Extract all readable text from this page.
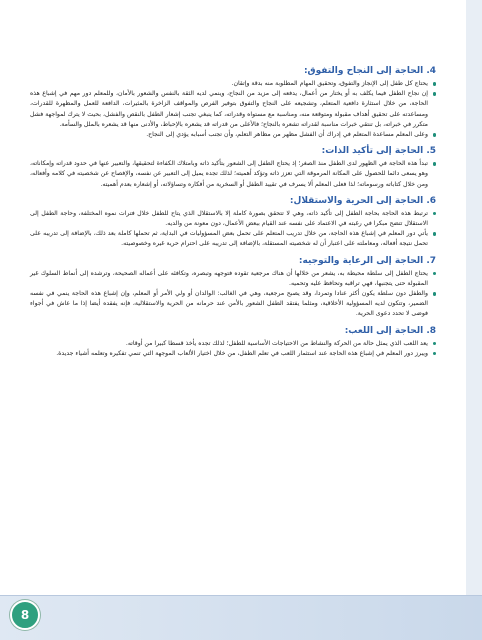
4. الحاجة إلى النجاح والتفوق:

يحتاج كل طفل إلى الإنجاز والتفوق، وتحقيق المهام المطلوبة منه بدقة وإتقان.

إن نجاح الطفل فيما يكلف به أو يختار من أعمال، يدفعه إلى مزيد من النجاح، وينمي لديه الثقة بالنفس والشعور بالأمان، وللمعلم دور مهم في إشباع هذه الحاجة، من خلال استثارة دافعية المتعلم، وتشجيعه على النجاح والتفوق بتوفير الفرص والمواقف الزاخرة بالمثيرات، الدافعة للعمل والمظهرة للقدرات، ومساعدته على تحقيق أهداف مقبولة ومتوقعة منه، ومناسبة مع مستواه وقدراته، كما ينبغي تجنب إشعار الطفل بالنقص والفشل، بحيث لا يترك لمواجهة فشل متكرر في خبراته، بل تنتقي خبرات مناسبة لقدراته تشعره بالنجاح؛ فالأعلى من قدراته قد يشعره بالإحباط، والأدنى منها قد يشعره بالملل والسأمة.

وعلى المعلم مساعدة المتعلم في إدراك أن الفشل مظهر من مظاهر التعلم، وأن تجنب أسبابه يؤدي إلى النجاح.

5. الحاجة إلى تأكيد الذات:

تبدأ هذه الحاجة في الظهور لدى الطفل منذ الصغر؛ إذ يحتاج الطفل إلى الشعور بتأكيد ذاته وبامتلاك الكفاءة لتحقيقها، والتعبير عنها في حدود قدراته وإمكاناته، وهو يسعى دائما للحصول على المكانة المرموقة التي تعزز ذاته وتؤكد أهميته؛ لذلك تجده يميل إلى التعبير عن نفسه، والإفصاح عن شخصيته في كلامه وأفعاله، ومن خلال كتاباته ورسوماته؛ لذا فعلى المعلم ألا يسرف في تقييد الطفل أو السخرية من أفكاره وتساؤلاته، أو إشعاره بعدم أهميته.

6. الحاجة إلى الحرية والاستقلال:

ترتبط هذه الحاجة بحاجة الطفل إلى تأكيد ذاته، وهي لا تتحقق بصورة كاملة إلا بالاستقلال الذي يتاح للطفل خلال فترات نموه المختلفة، وحاجة الطفل إلى الاستقلال تتضح مبكرا في رغبته في الاعتماد على نفسه عند القيام ببعض الأعمال، دون معونة من والديه.

يأتي دور المعلم في إشباع هذه الحاجة، من خلال تدريب المتعلم على تحمل بعض المسؤوليات في البداية، ثم تحملها كاملة بعد ذلك، بالإضافة إلى تدريبه على تحمل نتيجة أفعاله، ومعاملته على اعتبار أن له شخصيته المستقلة، بالإضافة إلى تدريبه على احترام حرية غيره وخصوصيته.

7. الحاجة إلى الرعاية والتوجيه:

يحتاج الطفل إلى سلطة محيطة به، يشعر من خلالها أن هناك مرجعية تقوده فتوجهه وتبصره، وتكافئه على أعماله الصحيحة، وترشده إلى أنماط السلوك غير المقبولة حتى يتجنبها، فهي تراقبه وتحافظ عليه وتحميه.

والطفل دون سلطة يكون أكثر عنادا وتمردا، وقد يصبح مرجعية، وهي في الغالب: الوالدان أو ولي الأمر أو المعلم، وإن إشباع هذه الحاجة ينمي في نفسه الضمير، وتتكون لديه المسؤولية الأخلاقية، ومثلما يفتقد الطفل الشعور بالأمن عند حرمانه من الحرية والاستقلالية، فإنه يفقده أيضا إذا ما عاش في أجواء فوضى لا تحدد دعوى الحرية.

8. الحاجة إلى اللعب:

يعد اللعب الذي يمثل حالة من الحركة والنشاط من الاحتياجات الأساسية للطفل؛ لذلك تجده يأخذ قسطا كبيرا من أوقاته.

ويبرز دور المعلم في إشباع هذه الحاجة عند استثمار اللعب في تعلم الطفل، من خلال اختيار الألعاب الموجهة التي تنمي تفكيره وتعلمه أشياء جديدة.

8
